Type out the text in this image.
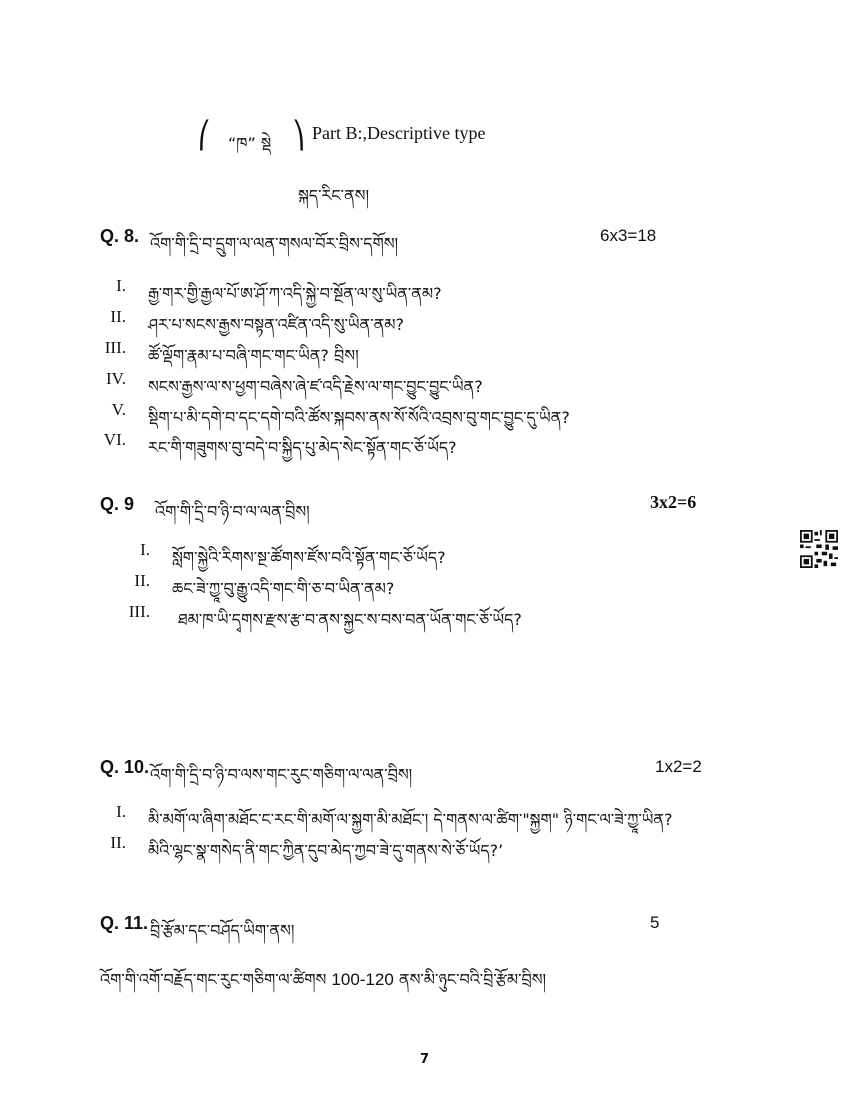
⎛ “ཁ” སྡེ ⎞ Part B:,Descriptive type
སྐད་རིང་ནས།
Q. 8. འོག་གི་དྲི་བ་དྲུག་ལ་ལན་གསལ་བོར་བྲིས་དགོས།	6x3=18
I. རྒྱ་གར་གྱི་རྒྱལ་པོ་ཨ་ཤོ་ཀ་འདི་སྐྱེ་བ་སྔོན་ལ་སུ་ཡིན་ནམ?
II. ཤར་པ་སངས་རྒྱས་བསྟན་འཛིན་འདི་སུ་ཡིན་ནམ?
III. ཚོ་ལྡོག་རྣམ་པ་བཞི་གང་གང་ཡིན? བྲིས།
IV. སངས་རྒྱས་ལ་ས་ཕྱག་བཞེས་ཞེ་ཛ་འདི་རྗེས་ལ་གང་བྱུང་བྱུང་ཡིན?
V. སྡིག་པ་མི་དགེ་བ་དང་དགེ་བའི་ཚོས་སྐབས་ནས་སོ་སོའི་འབྲས་བུ་གང་བྱུང་དུ་ཡིན?
VI. རང་གི་གཟུགས་བུ་བདེ་བ་སྐྱིད་པུ་མེད་སེང་སྟོན་གང་ཅོ་ཡོད?
Q. 9 འོག་གི་དྲི་བ་ཉི་བ་ལ་ལན་བྲིས།	3x2=6
I. སློག་སྐྱེའི་རིགས་སྔ་ཚོགས་ཛོས་བའི་སྟོན་གང་ཅོ་ཡོད?
II. ཆང་ཟེ་ཀྱཱ་བུ་རྒྱུ་འདི་གང་གི་ཅ་བ་ཡིན་ནམ?
III. ཐམ་ཁ་ཡི་དྭགས་རྫས་རྩ་བ་ནས་སྐྱང་ས་བས་བན་ཡོན་གང་ཅོ་ཡོད?
Q. 10. འོག་གི་དྲི་བ་ཉི་བ་ལས་གང་རུང་གཅིག་ལ་ལན་བྲིས།	1x2=2
I. མི་མགོ་ལ་ཞིག་མཐོང་ང་རང་གི་མགོ་ལ་སྐྱག་མི་མཐོང་། དེ་གནས་ལ་ཚིག་"སྐྱག" ཉི་གང་ལ་ཟེ་ཀྱཱ་ཡིན?
II. མིའི་ལྷང་སྣ་གསེད་ནི་གང་ཀྱིན་དུབ་མེད་ཀྱབ་ཟེ་དུ་གནས་སེ་ཅོ་ཡོད?’
Q. 11. བྲི་རྩོམ་དང་བཤོད་ཡིག་ནས།	5
འོག་གི་འགོ་བརྗོད་གང་རུང་གཅིག་ལ་ཚིགས 100-120 ནས་མི་ཉུང་བའི་བྲི་རྩོམ་བྲིས།
7
